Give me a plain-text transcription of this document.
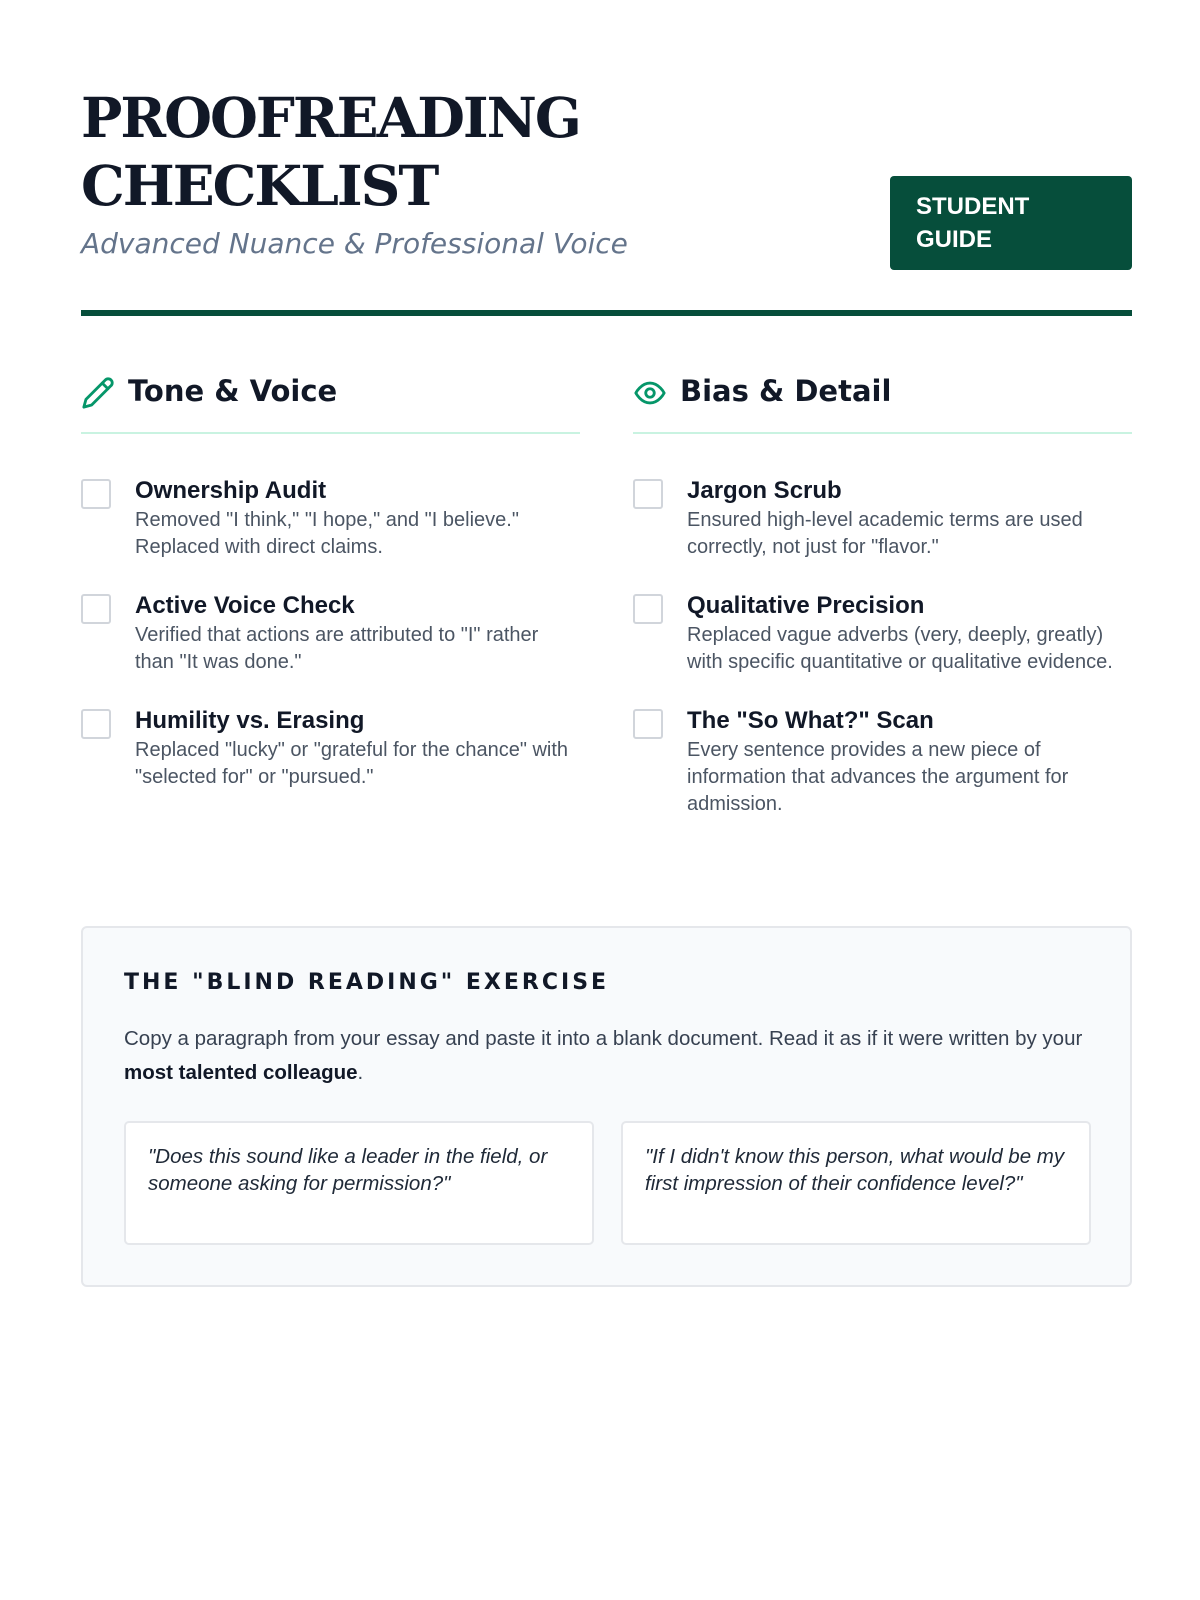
PROOFREADING
CHECKLIST
Advanced Nuance & Professional Voice
STUDENT
GUIDE
Tone & Voice
Ownership Audit
Removed "I think," "I hope," and "I believe." Replaced with direct claims.
Active Voice Check
Verified that actions are attributed to "I" rather than "It was done."
Humility vs. Erasing
Replaced "lucky" or "grateful for the chance" with "selected for" or "pursued."
Bias & Detail
Jargon Scrub
Ensured high-level academic terms are used correctly, not just for "flavor."
Qualitative Precision
Replaced vague adverbs (very, deeply, greatly) with specific quantitative or qualitative evidence.
The "So What?" Scan
Every sentence provides a new piece of information that advances the argument for admission.
THE "BLIND READING" EXERCISE

Copy a paragraph from your essay and paste it into a blank document. Read it as if it were written by your most talented colleague.

"Does this sound like a leader in the field, or someone asking for permission?"
"If I didn't know this person, what would be my first impression of their confidence level?"
